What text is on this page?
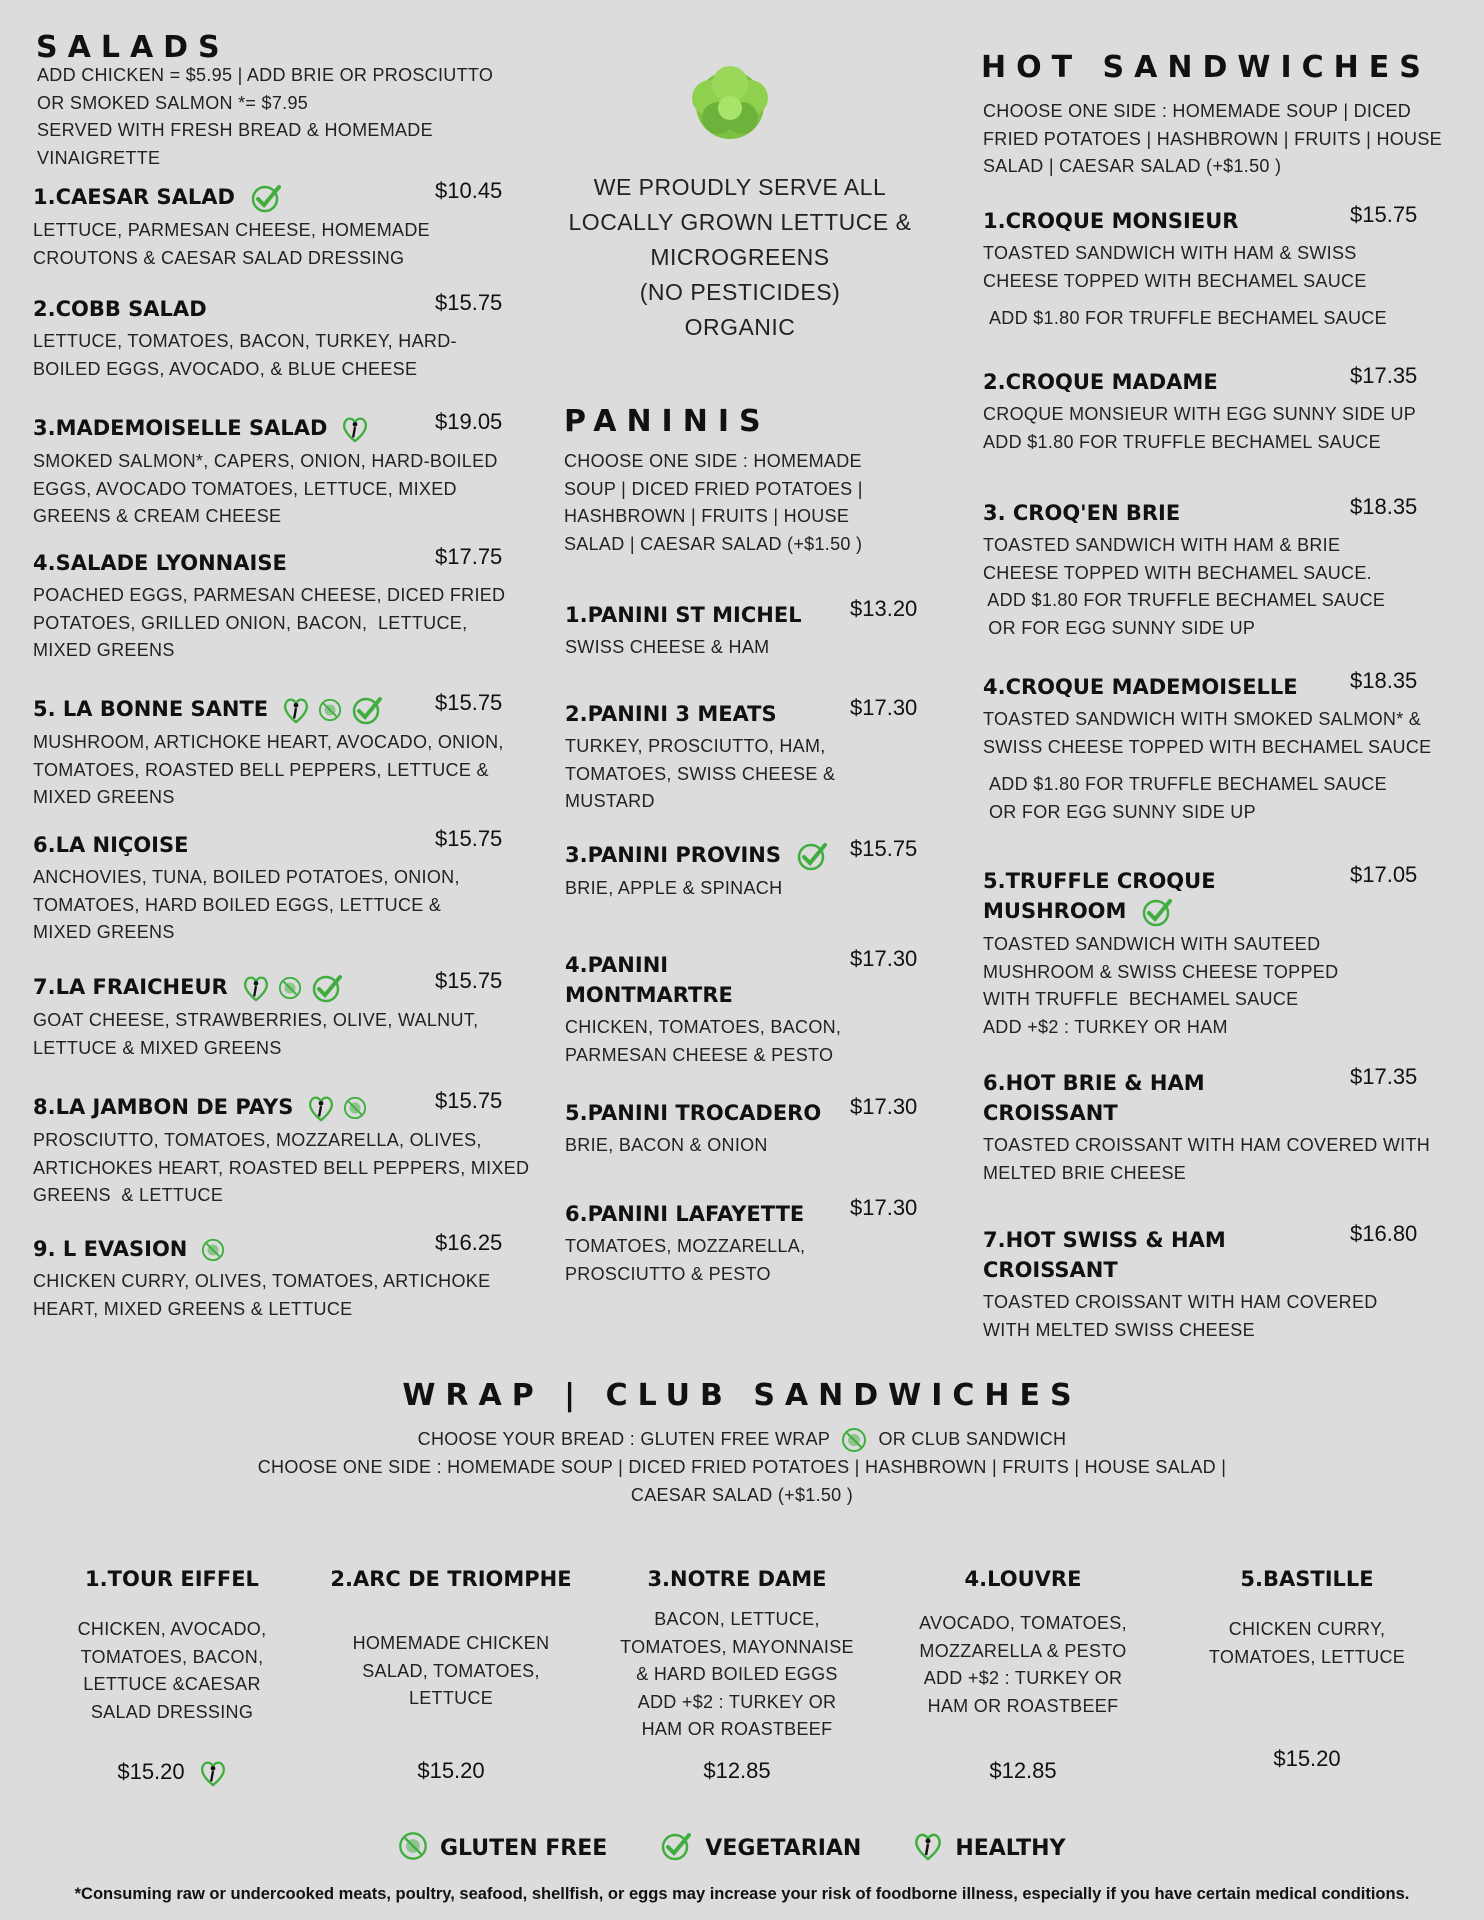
SALADS
ADD CHICKEN = $5.95 | ADD BRIE OR PROSCIUTTO
OR SMOKED SALMON *= $7.95
SERVED WITH FRESH BREAD & HOMEMADE
VINAIGRETTE
1.CAESAR SALAD	$10.45
LETTUCE, PARMESAN CHEESE, HOMEMADE
CROUTONS & CAESAR SALAD DRESSING
2.COBB SALAD	$15.75
LETTUCE, TOMATOES, BACON, TURKEY, HARD-
BOILED EGGS, AVOCADO, & BLUE CHEESE
3.MADEMOISELLE SALAD	$19.05
SMOKED SALMON*, CAPERS, ONION, HARD-BOILED
EGGS, AVOCADO TOMATOES, LETTUCE, MIXED
GREENS & CREAM CHEESE
4.SALADE LYONNAISE	$17.75
POACHED EGGS, PARMESAN CHEESE, DICED FRIED
POTATOES, GRILLED ONION, BACON,  LETTUCE,
MIXED GREENS
5. LA BONNE SANTE	$15.75
MUSHROOM, ARTICHOKE HEART, AVOCADO, ONION,
TOMATOES, ROASTED BELL PEPPERS, LETTUCE &
MIXED GREENS
6.LA NIÇOISE	$15.75
ANCHOVIES, TUNA, BOILED POTATOES, ONION,
TOMATOES, HARD BOILED EGGS, LETTUCE &
MIXED GREENS
7.LA FRAICHEUR	$15.75
GOAT CHEESE, STRAWBERRIES, OLIVE, WALNUT,
LETTUCE & MIXED GREENS
8.LA JAMBON DE PAYS	$15.75
PROSCIUTTO, TOMATOES, MOZZARELLA, OLIVES,
ARTICHOKES HEART, ROASTED BELL PEPPERS, MIXED
GREENS  & LETTUCE
9. L EVASION	$16.25
CHICKEN CURRY, OLIVES, TOMATOES, ARTICHOKE
HEART, MIXED GREENS & LETTUCE
WE PROUDLY SERVE ALL
LOCALLY GROWN LETTUCE &
MICROGREENS
(NO PESTICIDES)
ORGANIC
PANINIS
CHOOSE ONE SIDE : HOMEMADE
SOUP | DICED FRIED POTATOES |
HASHBROWN | FRUITS | HOUSE
SALAD | CAESAR SALAD (+$1.50 )
1.PANINI ST MICHEL	$13.20
SWISS CHEESE & HAM
2.PANINI 3 MEATS	$17.30
TURKEY, PROSCIUTTO, HAM,
TOMATOES, SWISS CHEESE &
MUSTARD
3.PANINI PROVINS	$15.75
BRIE, APPLE & SPINACH
4.PANINI
MONTMARTRE
$17.30
CHICKEN, TOMATOES, BACON,
PARMESAN CHEESE & PESTO
5.PANINI TROCADERO	$17.30
BRIE, BACON & ONION
6.PANINI LAFAYETTE	$17.30
TOMATOES, MOZZARELLA,
PROSCIUTTO & PESTO
HOT SANDWICHES
CHOOSE ONE SIDE : HOMEMADE SOUP | DICED
FRIED POTATOES | HASHBROWN | FRUITS | HOUSE
SALAD | CAESAR SALAD (+$1.50 )
1.CROQUE MONSIEUR	$15.75
TOASTED SANDWICH WITH HAM & SWISS
CHEESE TOPPED WITH BECHAMEL SAUCE
ADD $1.80 FOR TRUFFLE BECHAMEL SAUCE
2.CROQUE MADAME	$17.35
CROQUE MONSIEUR WITH EGG SUNNY SIDE UP
ADD $1.80 FOR TRUFFLE BECHAMEL SAUCE
3. CROQ'EN BRIE	$18.35
TOASTED SANDWICH WITH HAM & BRIE
CHEESE TOPPED WITH BECHAMEL SAUCE.
ADD $1.80 FOR TRUFFLE BECHAMEL SAUCE
OR FOR EGG SUNNY SIDE UP
4.CROQUE MADEMOISELLE	$18.35
TOASTED SANDWICH WITH SMOKED SALMON* &
SWISS CHEESE TOPPED WITH BECHAMEL SAUCE
ADD $1.80 FOR TRUFFLE BECHAMEL SAUCE
OR FOR EGG SUNNY SIDE UP
5.TRUFFLE CROQUE
MUSHROOM
$17.05
TOASTED SANDWICH WITH SAUTEED
MUSHROOM & SWISS CHEESE TOPPED
WITH TRUFFLE  BECHAMEL SAUCE
ADD +$2 : TURKEY OR HAM
6.HOT BRIE & HAM
CROISSANT
$17.35
TOASTED CROISSANT WITH HAM COVERED WITH
MELTED BRIE CHEESE
7.HOT SWISS & HAM
CROISSANT
$16.80
TOASTED CROISSANT WITH HAM COVERED
WITH MELTED SWISS CHEESE
WRAP | CLUB SANDWICHES
CHOOSE YOUR BREAD : GLUTEN FREE WRAP	OR CLUB SANDWICH
CHOOSE ONE SIDE : HOMEMADE SOUP | DICED FRIED POTATOES | HASHBROWN | FRUITS | HOUSE SALAD |
CAESAR SALAD (+$1.50 )
1.TOUR EIFFEL
CHICKEN, AVOCADO,
TOMATOES, BACON,
LETTUCE &CAESAR
SALAD DRESSING
$15.20
2.ARC DE TRIOMPHE
HOMEMADE CHICKEN
SALAD, TOMATOES,
LETTUCE
$15.20
3.NOTRE DAME
BACON, LETTUCE,
TOMATOES, MAYONNAISE
& HARD BOILED EGGS
ADD +$2 : TURKEY OR
HAM OR ROASTBEEF
$12.85
4.LOUVRE
AVOCADO, TOMATOES,
MOZZARELLA & PESTO
ADD +$2 : TURKEY OR
HAM OR ROASTBEEF
$12.85
5.BASTILLE
CHICKEN CURRY,
TOMATOES, LETTUCE
$15.20
GLUTEN FREE	VEGETARIAN	HEALTHY
*Consuming raw or undercooked meats, poultry, seafood, shellfish, or eggs may increase your risk of foodborne illness, especially if you have certain medical conditions.
